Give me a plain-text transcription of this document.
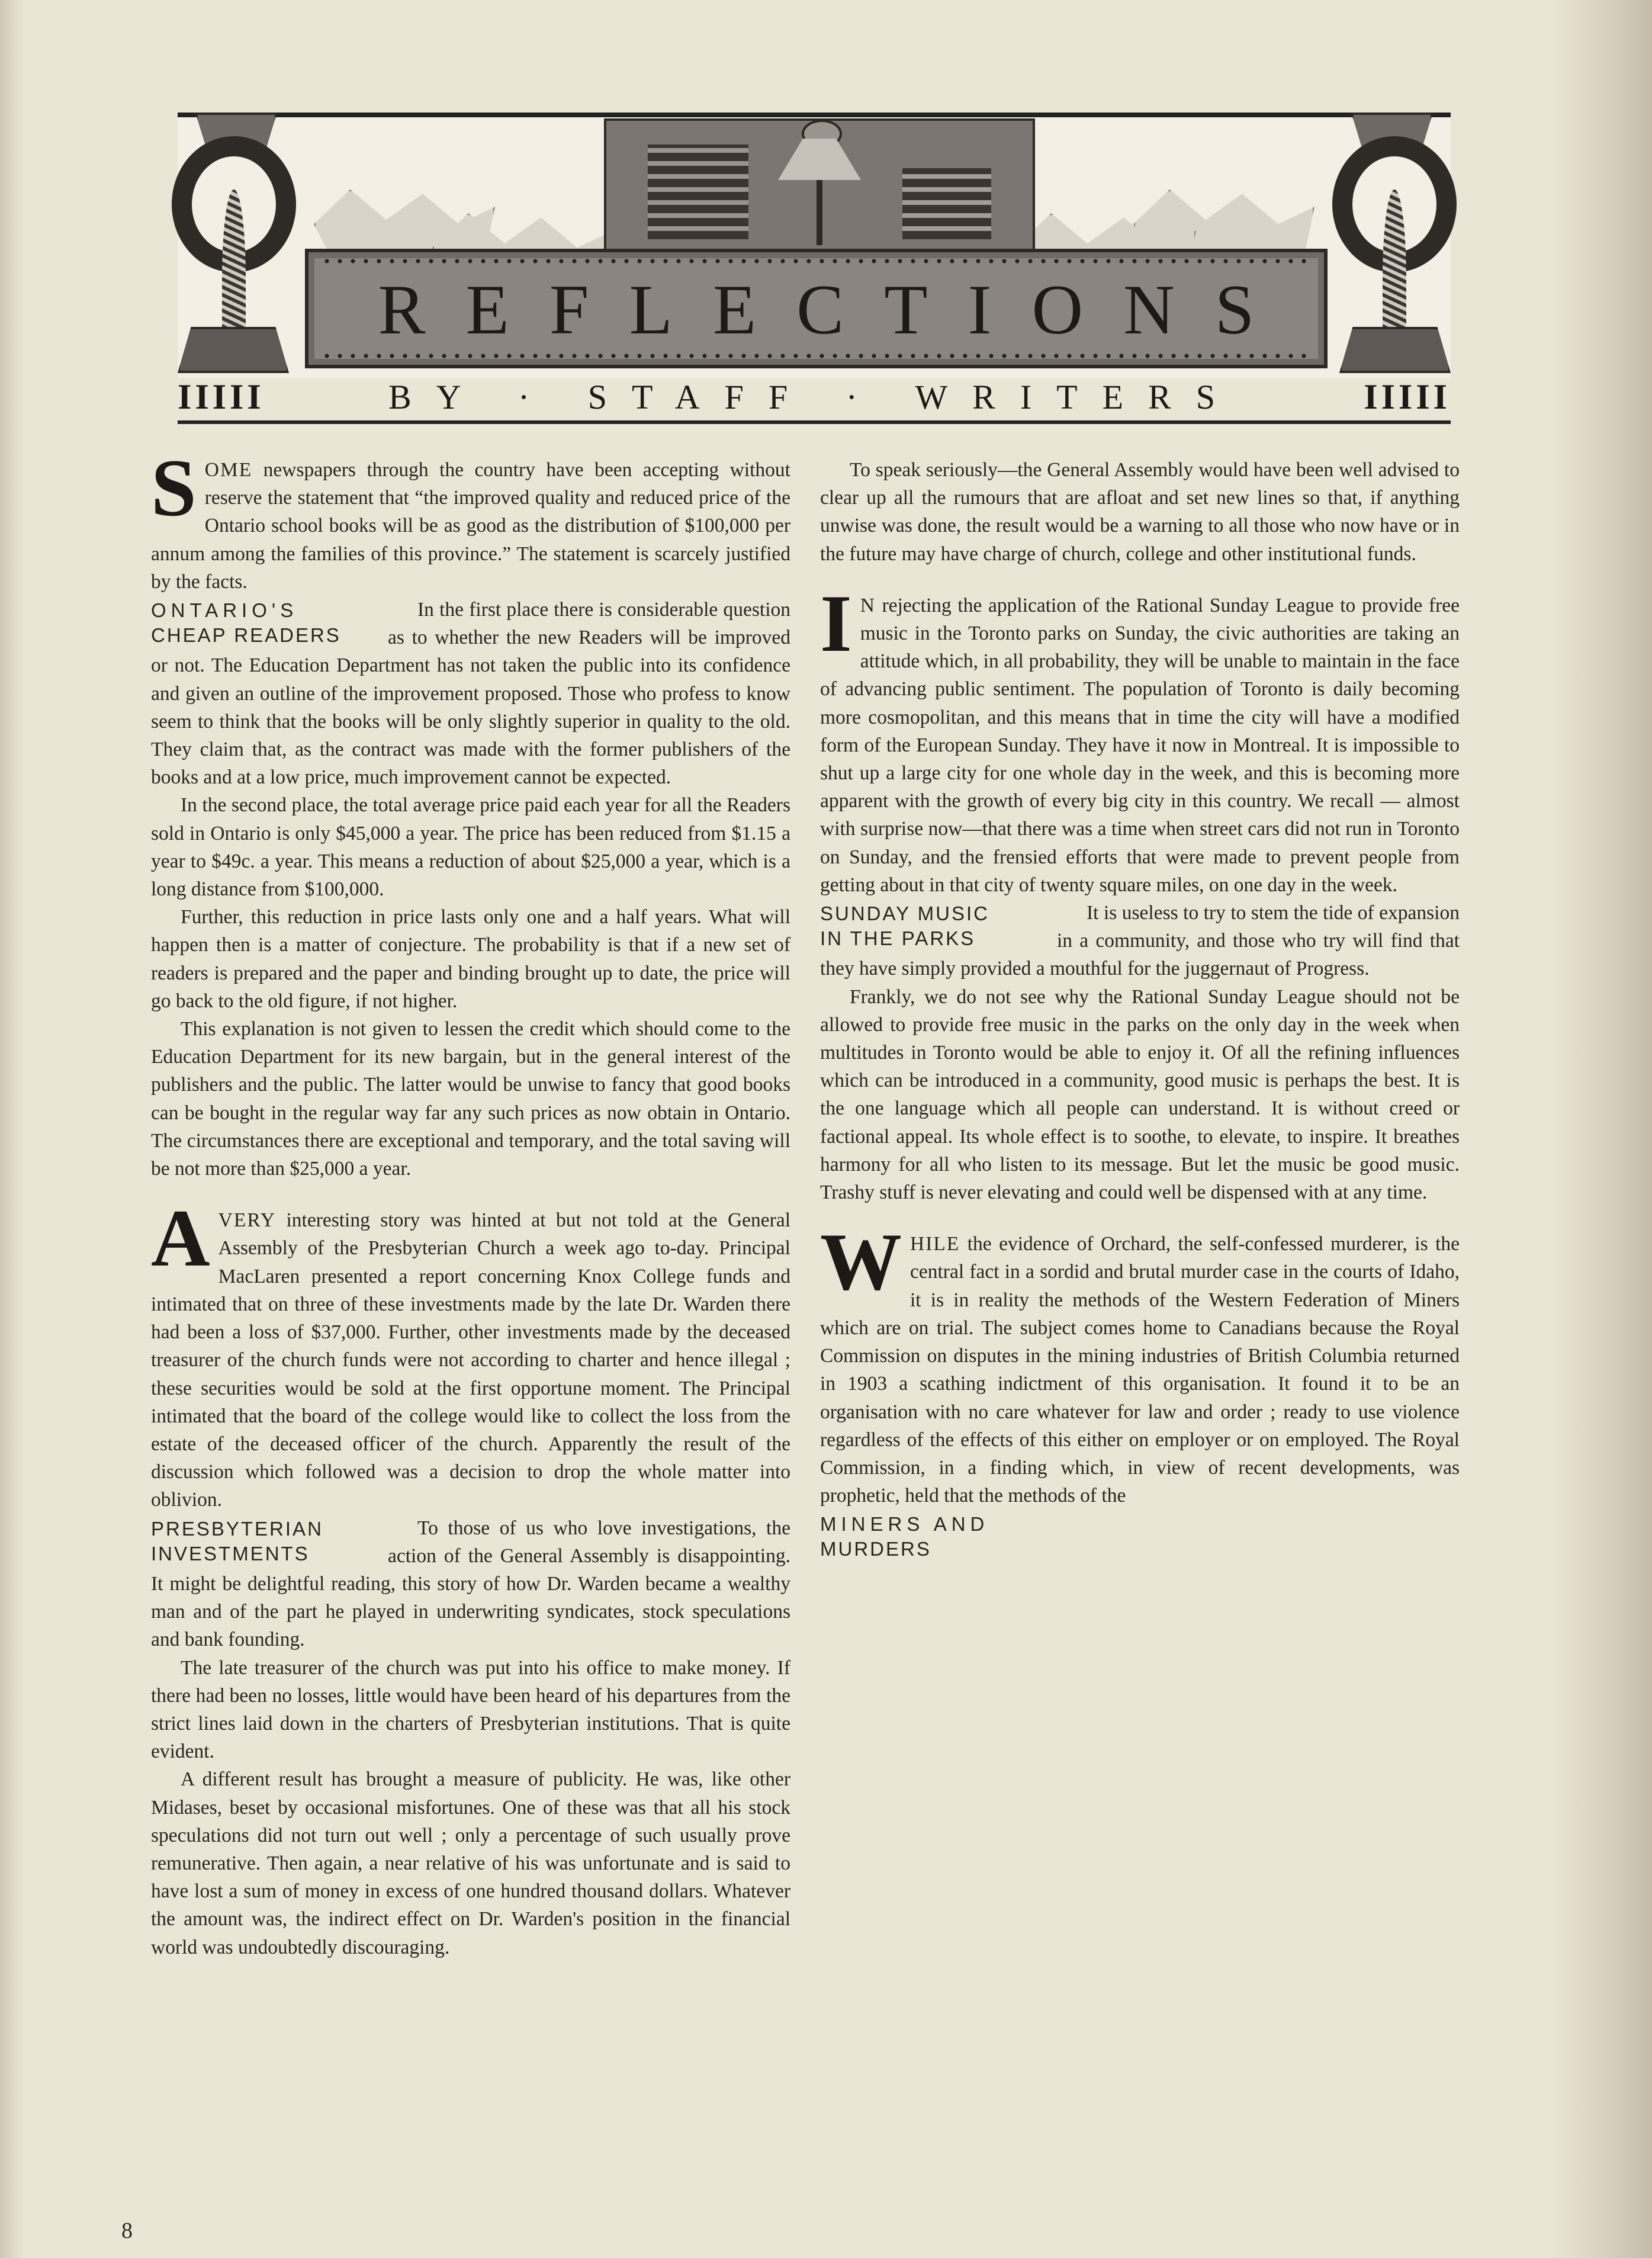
REFLECTIONS
IIIII	BY · STAFF · WRITERS	IIIII

SOME newspapers through the country have been accepting without reserve the statement that “the improved quality and reduced price of the Ontario school books will be as good as the distribution of $100,000 per annum among the families of this province.” The statement is scarcely justified by the facts.

ONTARIO'S
CHEAP READERS

In the first place there is considerable question as to whether the new Readers will be improved or not. The Education Department has not taken the public into its confidence and given an outline of the improvement proposed. Those who profess to know seem to think that the books will be only slightly superior in quality to the old. They claim that, as the contract was made with the former publishers of the books and at a low price, much improvement cannot be expected.

In the second place, the total average price paid each year for all the Readers sold in Ontario is only $45,000 a year. The price has been reduced from $1.15 a year to $49c. a year. This means a reduction of about $25,000 a year, which is a long distance from $100,000.

Further, this reduction in price lasts only one and a half years. What will happen then is a matter of conjecture. The probability is that if a new set of readers is prepared and the paper and binding brought up to date, the price will go back to the old figure, if not higher.

This explanation is not given to lessen the credit which should come to the Education Department for its new bargain, but in the general interest of the publishers and the public. The latter would be unwise to fancy that good books can be bought in the regular way far any such prices as now obtain in Ontario. The circumstances there are exceptional and temporary, and the total saving will be not more than $25,000 a year.

AVERY interesting story was hinted at but not told at the General Assembly of the Presbyterian Church a week ago to-day. Principal MacLaren presented a report concerning Knox College funds and intimated that on three of these investments made by the late Dr. Warden there had been a loss of $37,000. Further, other investments made by the deceased treasurer of the church funds were not according to charter and hence illegal ; these securities would be sold at the first opportune moment. The Principal intimated that the board of the college would like to collect the loss from the estate of the deceased officer of the church. Apparently the result of the discussion which followed was a decision to drop the whole matter into oblivion.

PRESBYTERIAN
INVESTMENTS

To those of us who love investigations, the action of the General Assembly is disappointing. It might be delightful reading, this story of how Dr. Warden became a wealthy man and of the part he played in underwriting syndicates, stock speculations and bank founding.

The late treasurer of the church was put into his office to make money. If there had been no losses, little would have been heard of his departures from the strict lines laid down in the charters of Presbyterian institutions. That is quite evident.

A different result has brought a measure of publicity. He was, like other Midases, beset by occasional misfortunes. One of these was that all his stock speculations did not turn out well ; only a percentage of such usually prove remunerative. Then again, a near relative of his was unfortunate and is said to have lost a sum of money in excess of one hundred thousand dollars. Whatever the amount was, the indirect effect on Dr. Warden's position in the financial world was undoubtedly discouraging.

To speak seriously—the General Assembly would have been well advised to clear up all the rumours that are afloat and set new lines so that, if anything unwise was done, the result would be a warning to all those who now have or in the future may have charge of church, college and other institutional funds.

I N rejecting the application of the Rational Sunday League to provide free music in the Toronto parks on Sunday, the civic authorities are taking an attitude which, in all probability, they will be unable to maintain in the face of advancing public sentiment. The population of Toronto is daily becoming more cosmopolitan, and this means that in time the city will have a modified form of the European Sunday. They have it now in Montreal. It is impossible to shut up a large city for one whole day in the week, and this is becoming more apparent with the growth of every big city in this country. We recall — almost with surprise now—that there was a time when street cars did not run in Toronto on Sunday, and the frensied efforts that were made to prevent people from getting about in that city of twenty square miles, on one day in the week.

SUNDAY MUSIC
IN THE PARKS

It is useless to try to stem the tide of expansion in a community, and those who try will find that they have simply provided a mouthful for the juggernaut of Progress.

Frankly, we do not see why the Rational Sunday League should not be allowed to provide free music in the parks on the only day in the week when multitudes in Toronto would be able to enjoy it. Of all the refining influences which can be introduced in a community, good music is perhaps the best. It is the one language which all people can understand. It is without creed or factional appeal. Its whole effect is to soothe, to elevate, to inspire. It breathes harmony for all who listen to its message. But let the music be good music. Trashy stuff is never elevating and could well be dispensed with at any time.

WHILE the evidence of Orchard, the self-confessed murderer, is the central fact in a sordid and brutal murder case in the courts of Idaho, it is in reality the methods of the Western Federation of Miners which are on trial. The subject comes home to Canadians because the Royal Commission on disputes in the mining industries of British Columbia returned in 1903 a scathing indictment of this organisation. It found it to be an organisation with no care whatever for law and order ; ready to use violence regardless of the effects of this either on employer or on employed. The Royal Commission, in a finding which, in view of recent developments, was prophetic, held that the methods of the

MINERS AND
MURDERS
8
